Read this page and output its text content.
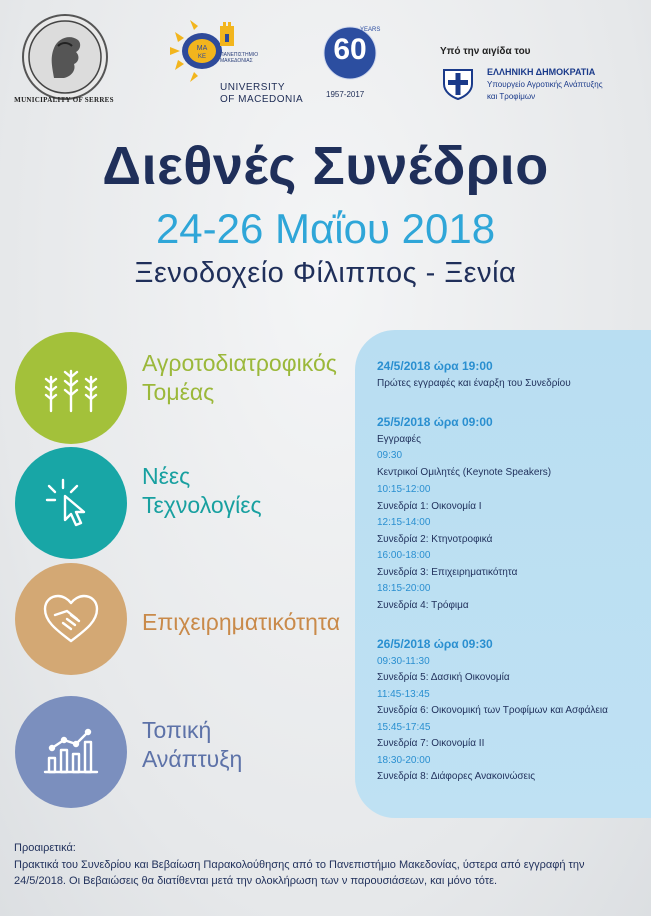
MUNICIPALITY OF SERRES
ΜΑ
ΚΕ	ΠΑΝΕΠΙΣΤΗΜΙΟ ΜΑΚΕΔΟΝΙΑΣ
UNIVERSITY
OF MACEDONIA
60
YEARS
1957-2017
Υπό την αιγίδα του
ΕΛΛΗΝΙΚΗ ΔΗΜΟΚΡΑΤΙΑ
Υπουργείο Αγροτικής Ανάπτυξης
και Τροφίμων
Διεθνές Συνέδριο
24-26 Μαΐου 2018
Ξενοδοχείο Φίλιππος - Ξενία
Αγροτοδιατροφικός
Τομέας
Νέες
Τεχνολογίες
Επιχειρηματικότητα
Τοπική
Ανάπτυξη
24/5/2018 ώρα 19:00
Πρώτες εγγραφές και έναρξη του Συνεδρίου
25/5/2018 ώρα 09:00
Εγγραφές
09:30
Κεντρικοί Ομιλητές (Keynote Speakers)
10:15-12:00
Συνεδρία 1: Οικονομία I
12:15-14:00
Συνεδρία 2: Κτηνοτροφικά
16:00-18:00
Συνεδρία 3: Επιχειρηματικότητα
18:15-20:00
Συνεδρία 4: Τρόφιμα
26/5/2018 ώρα 09:30
09:30-11:30
Συνεδρία 5: Δασική Οικονομία
11:45-13:45
Συνεδρία 6: Οικονομική των Τροφίμων και Ασφάλεια
15:45-17:45
Συνεδρία 7: Οικονομία II
18:30-20:00
Συνεδρία 8: Διάφορες Ανακοινώσεις
Προαιρετικά:
Πρακτικά του Συνεδρίου και Βεβαίωση Παρακολούθησης από το Πανεπιστήμιο Μακεδονίας, ύστερα από εγγραφή την 24/5/2018. Οι Βεβαιώσεις θα διατίθενται μετά την ολοκλήρωση των ν παρουσιάσεων, και μόνο τότε.
